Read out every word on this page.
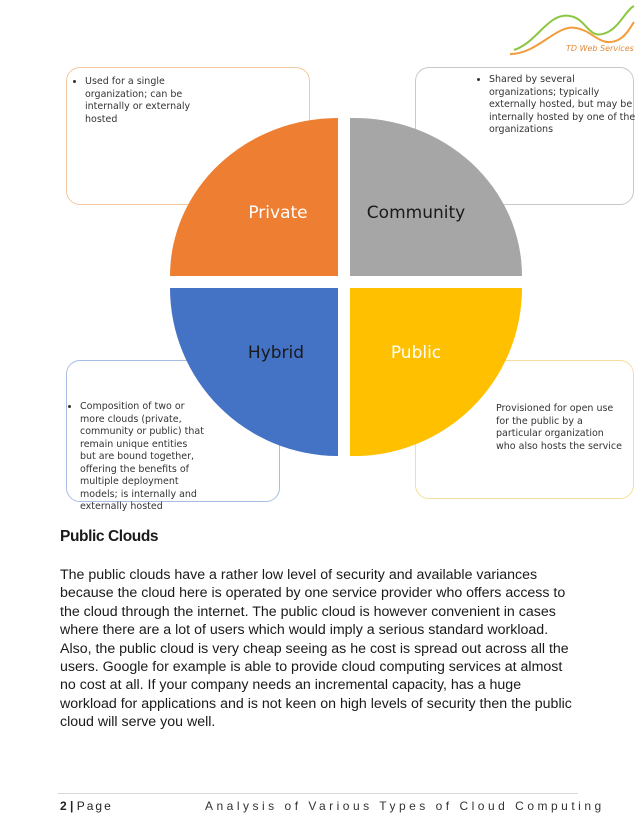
TD Web Services
• Used for a single organization; can be internally or externaly hosted
• Shared by several organizations; typically externally hosted, but may be internally hosted by one of the organizations
• Composition of two or more clouds (private, community or public) that remain unique entities but are bound together, offering the benefits of multiple deployment models; is internally and externally hosted
Provisioned for open use for the public by a particular organization who also hosts the service
Private	Community
Hybrid	Public
Public Clouds
The public clouds have a rather low level of security and available variances because the cloud here is operated by one service provider who offers access to the cloud through the internet. The public cloud is however convenient in cases where there are a lot of users which would imply a serious standard workload. Also, the public cloud is very cheap seeing as he cost is spread out across all the users. Google for example is able to provide cloud computing services at almost no cost at all. If your company needs an incremental capacity, has a huge workload for applications and is not keen on high levels of security then the public cloud will serve you well.
2 | Page	Analysis of Various Types of Cloud Computing
